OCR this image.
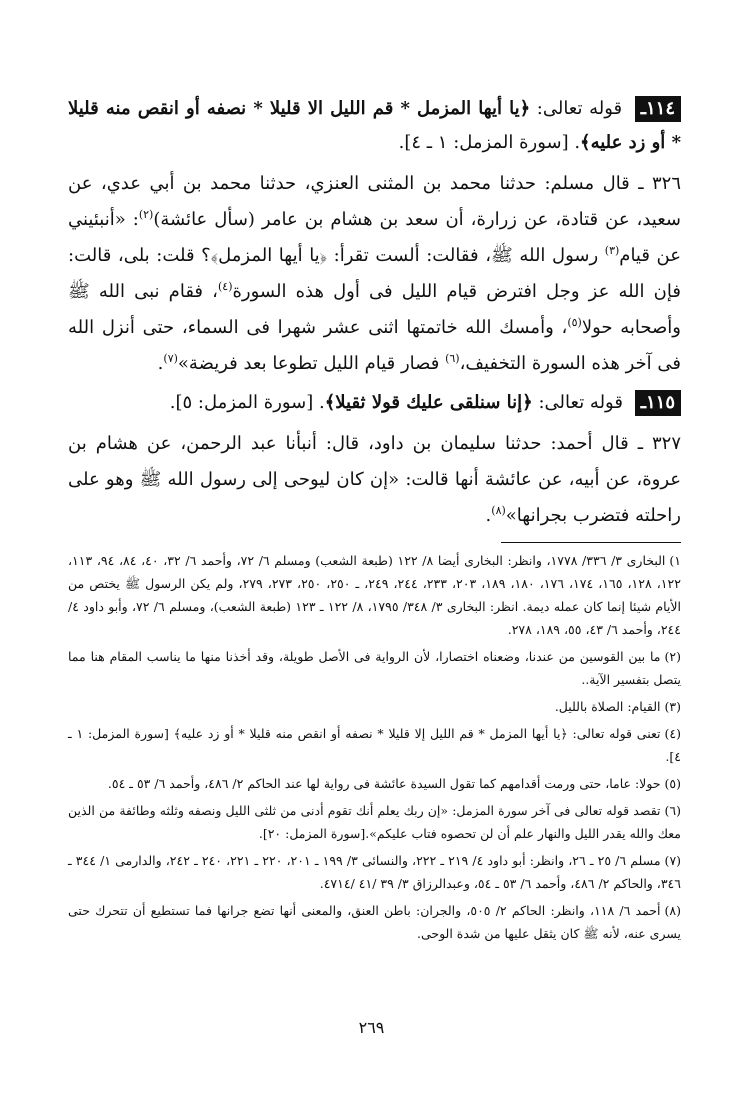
١١٤ـ قوله تعالى: ﴿يا أيها المزمل * قم الليل الا قليلا * نصفه أو انقص منه قليلا * أو زد عليه﴾. [سورة المزمل: ١ ـ ٤].

٣٢٦ ـ قال مسلم: حدثنا محمد بن المثنى العنزي، حدثنا محمد بن أبي عدي، عن سعيد، عن قتادة، عن زرارة، أن سعد بن هشام بن عامر (سأل عائشة)$^{(٢)}$: «أنبئيني عن قيام$^{(٣)}$ رسول الله ﷺ، فقالت: ألست تقرأ: ﴿يا أيها المزمل﴾؟ قلت: بلى، قالت: فإن الله عز وجل افترض قيام الليل فى أول هذه السورة$^{(٤)}$، فقام نبى الله ﷺ وأصحابه حولا$^{(٥)}$، وأمسك الله خاتمتها اثنى عشر شهرا فى السماء، حتى أنزل الله فى آخر هذه السورة التخفيف،$^{(٦)}$ فصار قيام الليل تطوعا بعد فريضة»$^{(٧)}$.

١١٥ـ قوله تعالى: ﴿إنا سنلقى عليك قولا ثقيلا﴾. [سورة المزمل: ٥].

٣٢٧ ـ قال أحمد: حدثنا سليمان بن داود، قال: أنبأنا عبد الرحمن، عن هشام بن عروة، عن أبيه، عن عائشة أنها قالت: «إن كان ليوحى إلى رسول الله ﷺ وهو على راحلته فتضرب بجرانها»$^{(٨)}$.

١)البخارى ٣/ ٣٣٦/ ١٧٧٨، وانظر: البخارى أيضا ٨/ ١٢٢ (طبعة الشعب) ومسلم ٦/ ٧٢، وأحمد ٦/ ٣٢، ٤٠، ٨٤، ٩٤، ١١٣، ١٢٢، ١٢٨، ١٦٥، ١٧٤، ١٧٦، ١٨٠، ١٨٩، ٢٠٣، ٢٣٣، ٢٤٤، ٢٤٩، ـ ٢٥٠، ٢٥٠، ٢٧٣، ٢٧٩، ولم يكن الرسول ﷺ يختص من الأيام شيئا إنما كان عمله ديمة. انظر: البخارى ٣/ ٣٤٨/ ١٧٩٥، ٨/ ١٢٢ ـ ١٢٣ (طبعة الشعب)، ومسلم ٦/ ٧٢، وأبو داود ٤/ ٢٤٤، وأحمد ٦/ ٤٣، ٥٥، ١٨٩، ٢٧٨.
(٢)ما بين القوسين من عندنا، وضعناه اختصارا، لأن الرواية فى الأصل طويلة، وقد أخذنا منها ما يناسب المقام هنا مما يتصل بتفسير الآية..
(٣)القيام: الصلاة بالليل.
(٤)تعنى قوله تعالى: ﴿يا أيها المزمل * قم الليل إلا قليلا * نصفه أو انقص منه قليلا * أو زد عليه﴾ [سورة المزمل: ١ ـ ٤].
(٥)حولا: عاما، حتى ورمت أقدامهم كما تقول السيدة عائشة فى رواية لها عند الحاكم ٢/ ٤٨٦، وأحمد ٦/ ٥٣ ـ ٥٤.
(٦)تقصد قوله تعالى فى آخر سورة المزمل: «إن ربك يعلم أنك تقوم أدنى من ثلثى الليل ونصفه وثلثه وطائفة من الذين معك والله يقدر الليل والنهار علم أن لن تحصوه فتاب عليكم».[سورة المزمل: ٢٠].
(٧)مسلم ٦/ ٢٥ ـ ٢٦، وانظر: أبو داود ٤/ ٢١٩ ـ ٢٢٢، والنسائى ٣/ ١٩٩ ـ ٢٠١، ٢٢٠ ـ ٢٢١، ٢٤٠ ـ ٢٤٢، والدارمى ١/ ٣٤٤ ـ ٣٤٦، والحاكم ٢/ ٤٨٦، وأحمد ٦/ ٥٣ ـ ٥٤، وعبدالرزاق ٣/ ٣٩ /٤١ /٤٧١٤.
(٨)أحمد ٦/ ١١٨، وانظر: الحاكم ٢/ ٥٠٥، والجران: باطن العنق، والمعنى أنها تضع جرانها فما تستطيع أن تتحرك حتى يسرى عنه، لأنه ﷺ كان يثقل عليها من شدة الوحى.
٢٦٩
